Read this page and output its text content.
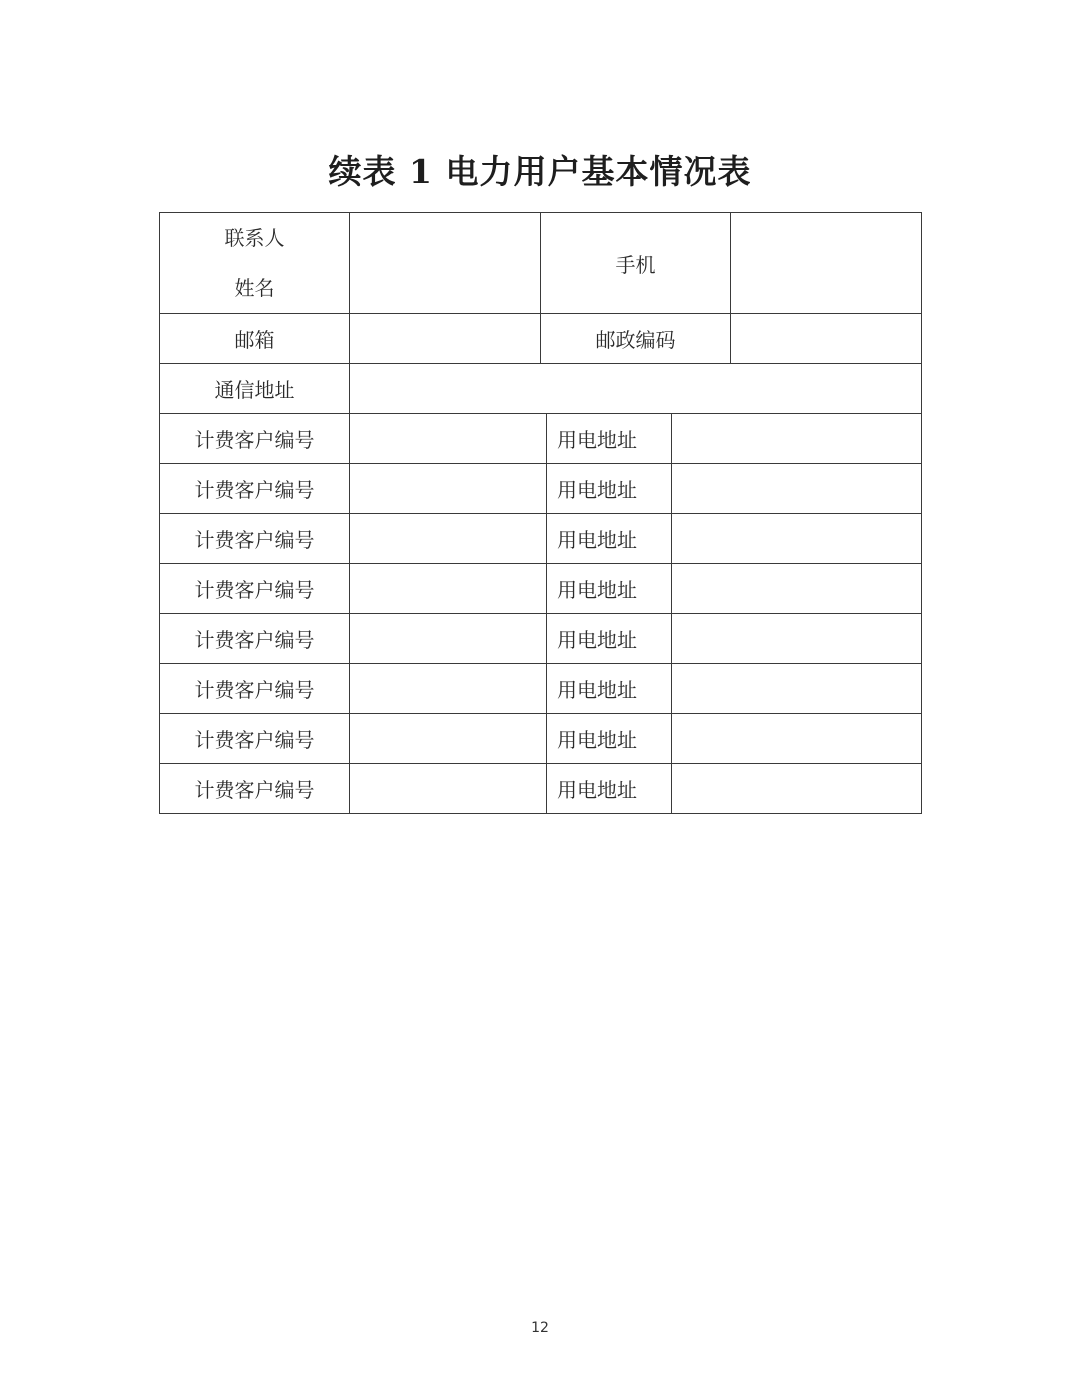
续表 1 电力用户基本情况表
联系人
姓名		手机			
邮箱		邮政编码			
通信地址					
计费客户编号			用电地址		
计费客户编号			用电地址		
计费客户编号			用电地址		
计费客户编号			用电地址		
计费客户编号			用电地址		
计费客户编号			用电地址		
计费客户编号			用电地址		
计费客户编号			用电地址		
12
